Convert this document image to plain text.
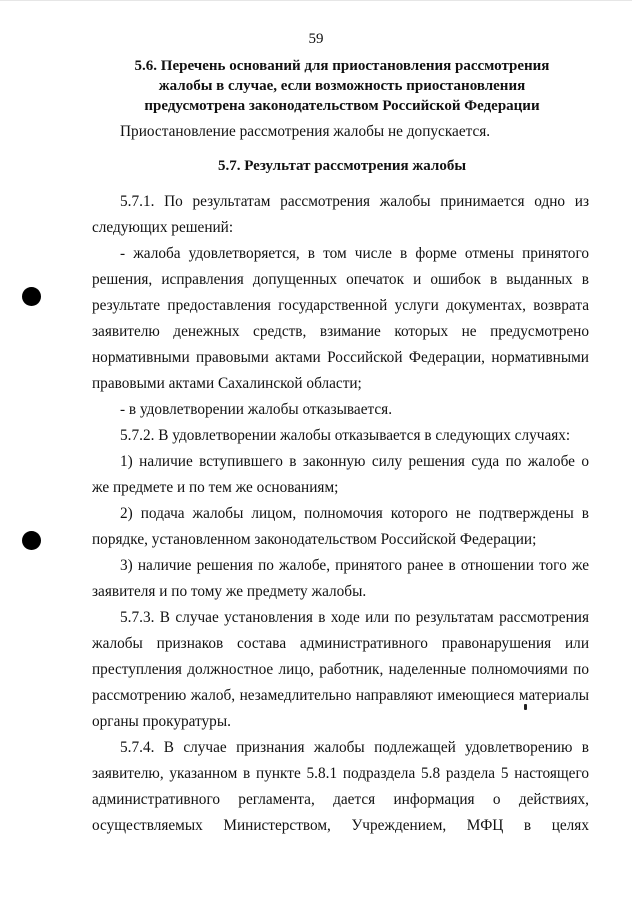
59
5.6. Перечень оснований для приостановления рассмотрения
жалобы в случае, если возможность приостановления
предусмотрена законодательством Российской Федерации
Приостановление рассмотрения жалобы не допускается.
5.7. Результат рассмотрения жалобы
5.7.1. По результатам рассмотрения жалобы принимается одно из
следующих решений:
- жалоба удовлетворяется, в том числе в форме отмены принятого
решения, исправления допущенных опечаток и ошибок в выданных в
результате предоставления государственной услуги документах, возврата
заявителю денежных средств, взимание которых не предусмотрено
нормативными правовыми актами Российской Федерации, нормативными
правовыми актами Сахалинской области;
- в удовлетворении жалобы отказывается.
5.7.2. В удовлетворении жалобы отказывается в следующих случаях:
1) наличие вступившего в законную силу решения суда по жалобе о
же предмете и по тем же основаниям;
2) подача жалобы лицом, полномочия которого не подтверждены в
порядке, установленном законодательством Российской Федерации;
3) наличие решения по жалобе, принятого ранее в отношении того же
заявителя и по тому же предмету жалобы.
5.7.3. В случае установления в ходе или по результатам рассмотрения
жалобы признаков состава административного правонарушения или
преступления должностное лицо, работник, наделенные полномочиями по
рассмотрению жалоб, незамедлительно направляют имеющиеся материалы
органы прокуратуры.
5.7.4. В случае признания жалобы подлежащей удовлетворению в
заявителю, указанном в пункте 5.8.1 подраздела 5.8 раздела 5 настоящего
административного регламента, дается информация о действиях,
осуществляемых Министерством, Учреждением, МФЦ в целях
